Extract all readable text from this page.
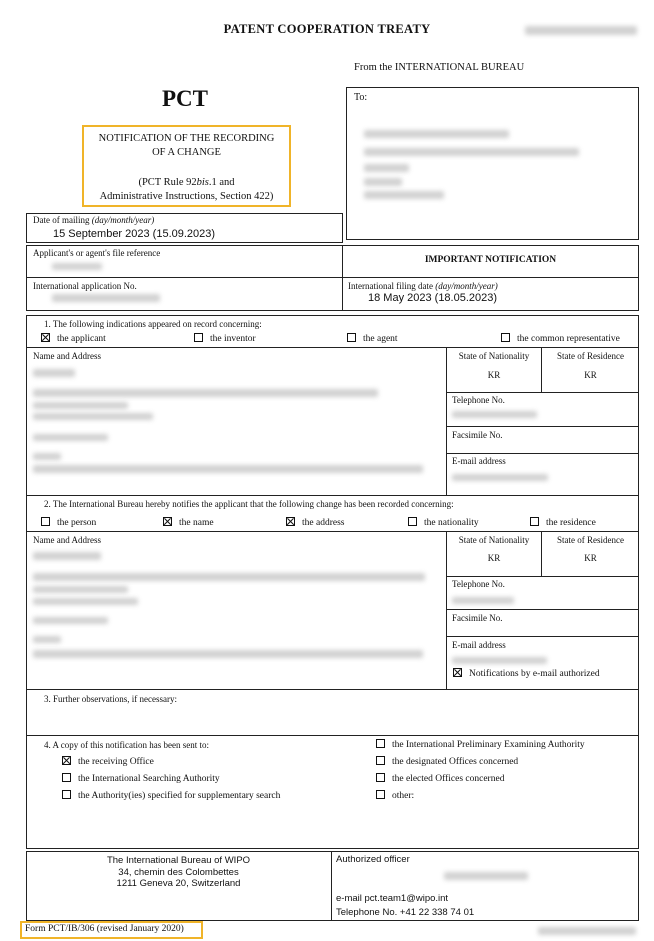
PATENT COOPERATION TREATY
From the INTERNATIONAL BUREAU
PCT
NOTIFICATION OF THE RECORDING
OF A CHANGE
(PCT Rule 92bis.1 and
Administrative Instructions, Section 422)
To:
Date of mailing (day/month/year)
15 September 2023 (15.09.2023)
Applicant's or agent's file reference
IMPORTANT NOTIFICATION
International application No.	International filing date (day/month/year)
18 May 2023 (18.05.2023)
1. The following indications appeared on record concerning:
the applicant	the inventor	the agent	the common representative
Name and Address	State of Nationality
KR
State of Residence
KR
Telephone No.
Facsimile No.
E-mail address
2. The International Bureau hereby notifies the applicant that the following change has been recorded concerning:
the person	the name	the address	the nationality	the residence
Name and Address	State of Nationality
KR
State of Residence
KR
Telephone No.
Facsimile No.
E-mail address
Notifications by e-mail authorized
3. Further observations, if necessary:
4. A copy of this notification has been sent to:
the receiving Office
the International Searching Authority
the Authority(ies) specified for supplementary search
the International Preliminary Examining Authority
the designated Offices concerned
the elected Offices concerned
other:
The International Bureau of WIPO
34, chemin des Colombettes
1211 Geneva 20, Switzerland
Authorized officer
e-mail pct.team1@wipo.int
Telephone No. +41 22 338 74 01
Form PCT/IB/306 (revised January 2020)
